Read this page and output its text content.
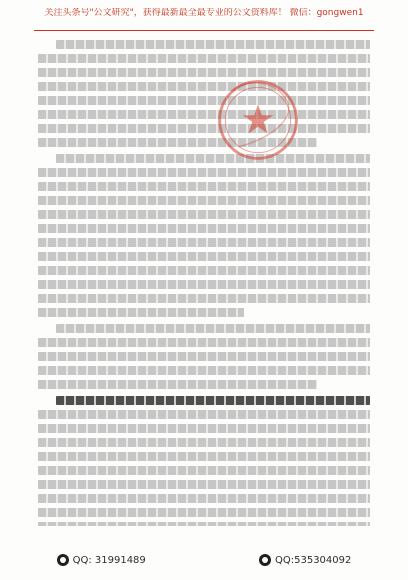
关注头条号"公文研究"，获得最新最全最专业的公文资料库！ 微信：gongwen1
QQ: 31991489	QQ:535304092
